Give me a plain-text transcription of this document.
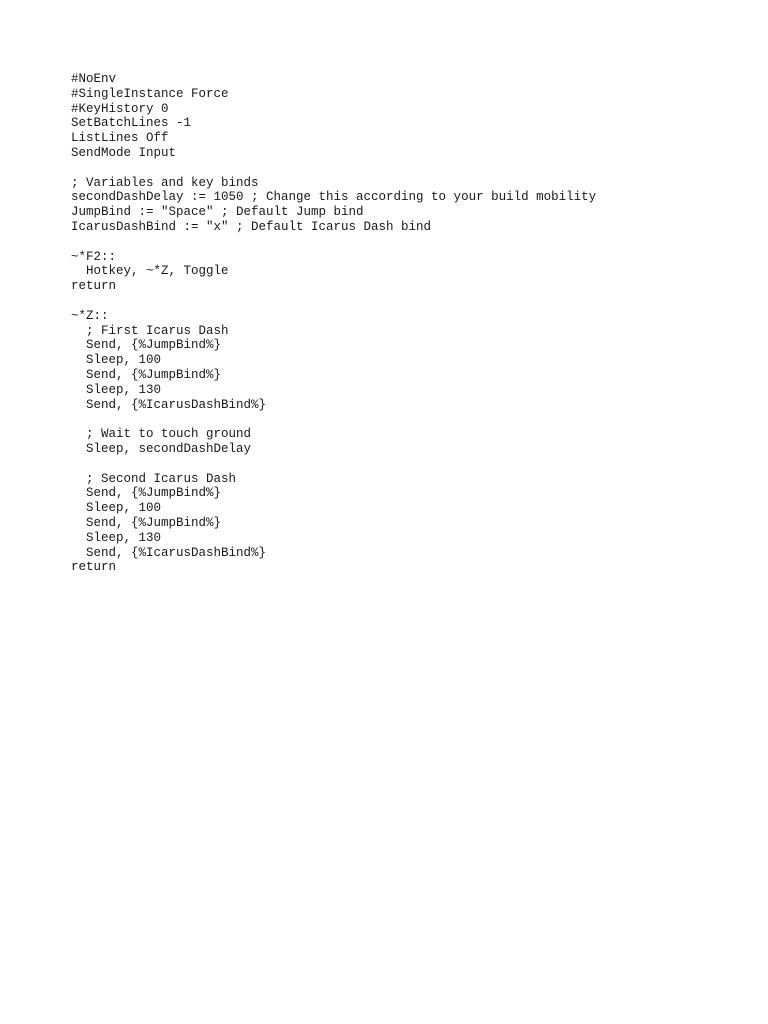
#NoEnv
#SingleInstance Force
#KeyHistory 0
SetBatchLines -1
ListLines Off
SendMode Input
; Variables and key binds
secondDashDelay := 1050 ; Change this according to your build mobility
JumpBind := "Space" ; Default Jump bind
IcarusDashBind := "x" ; Default Icarus Dash bind
~*F2::
Hotkey, ~*Z, Toggle
return
~*Z::
; First Icarus Dash
Send, {%JumpBind%}
Sleep, 100
Send, {%JumpBind%}
Sleep, 130
Send, {%IcarusDashBind%}
; Wait to touch ground
Sleep, secondDashDelay
; Second Icarus Dash
Send, {%JumpBind%}
Sleep, 100
Send, {%JumpBind%}
Sleep, 130
Send, {%IcarusDashBind%}
return
